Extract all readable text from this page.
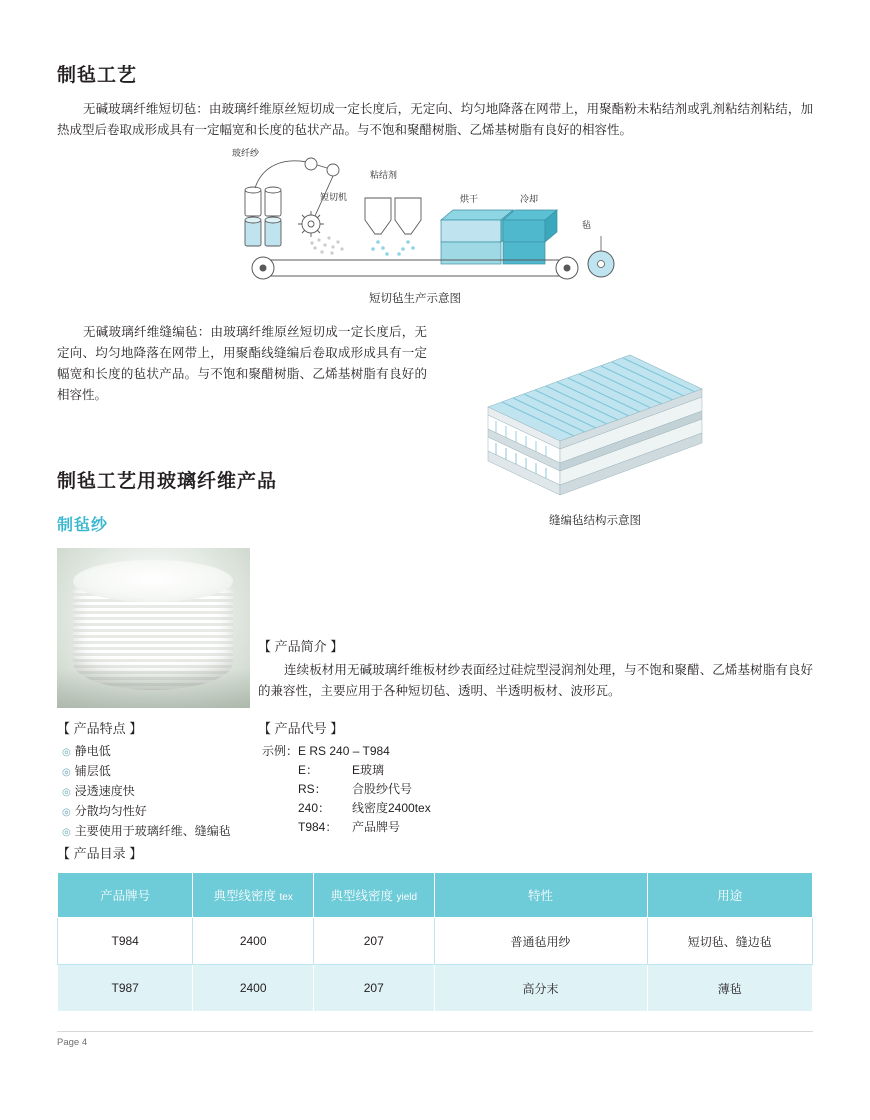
制毡工艺
无碱玻璃纤维短切毡：由玻璃纤维原丝短切成一定长度后，无定向、均匀地降落在网带上，用聚酯粉未粘结剂或乳剂粘结剂粘结，加热成型后卷取成形成具有一定幅宽和长度的毡状产品。与不饱和聚醋树脂、乙烯基树脂有良好的相容性。
玻纤纱
短切机
粘结剂
烘干	冷却
毡
短切毡生产示意图
无碱玻璃纤维缝编毡：由玻璃纤维原丝短切成一定长度后，无定向、均匀地降落在网带上，用聚酯线缝编后卷取成形成具有一定幅宽和长度的毡状产品。与不饱和聚醋树脂、乙烯基树脂有良好的相容性。
缝编毡结构示意图
制毡工艺用玻璃纤维产品
制毡纱
【 产品简介 】
连续板材用无碱玻璃纤维板材纱表面经过硅烷型浸润剂处理，与不饱和聚醋、乙烯基树脂有良好的兼容性，主要应用于各种短切毡、透明、半透明板材、波形瓦。
【 产品特点 】
◎ 静电低
◎ 铺层低
◎ 浸透速度快
◎ 分散均匀性好
◎ 主要使用于玻璃纤维、缝编毡
【 产品代号 】
示例：E RS 240 – T984
E：	E玻璃
RS： 合股纱代号
240： 线密度2400tex
T984： 产品牌号
【 产品目录 】
产品牌号	典型线密度 tex	典型线密度 yield	特性	用途
T984	2400	207	普通毡用纱	短切毡、缝边毡
T987	2400	207	高分末	薄毡
Page 4
